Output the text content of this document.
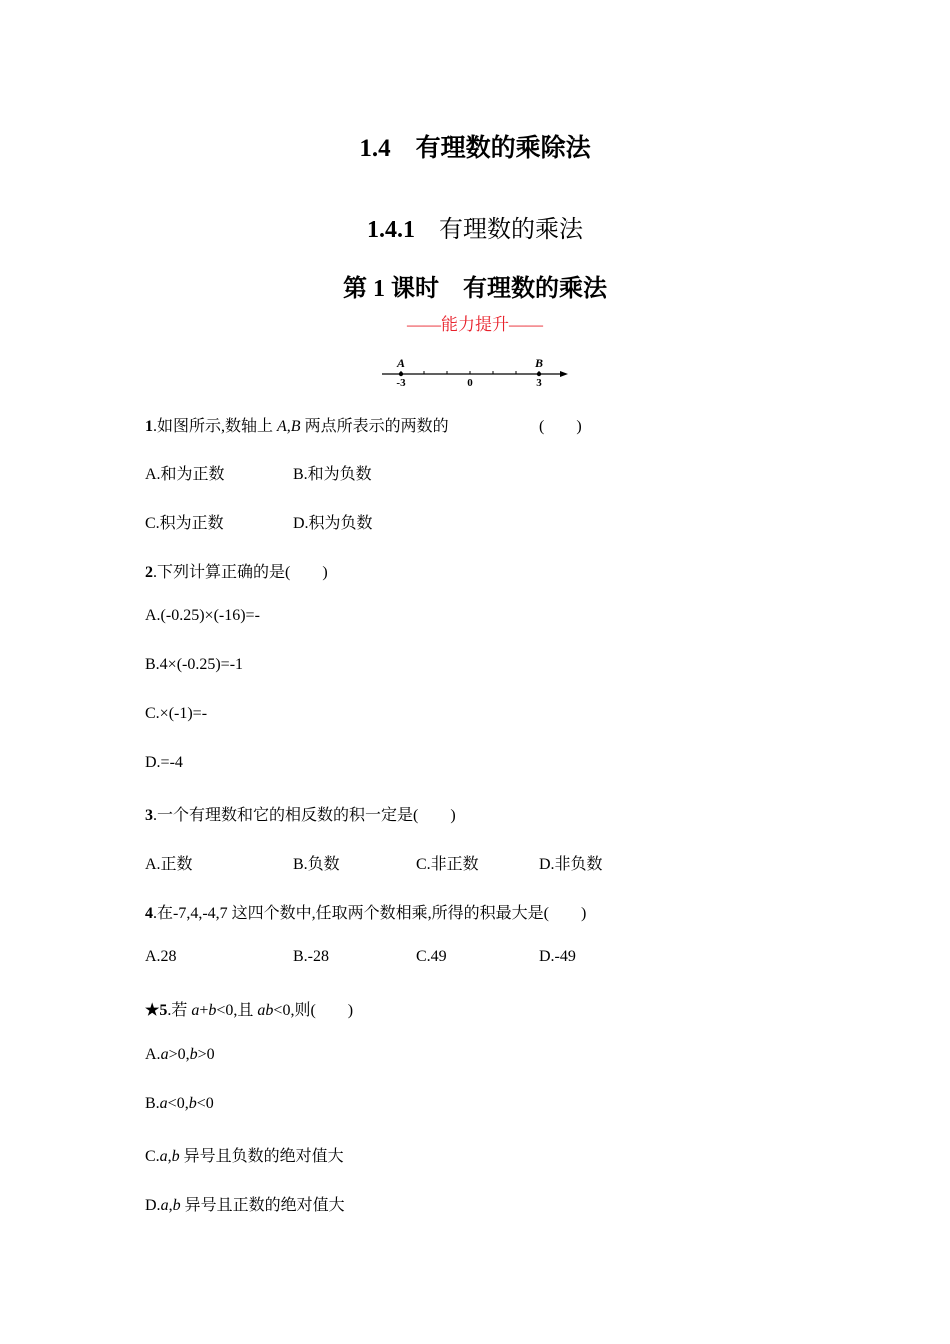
1.4　 有理数的乘除法
1.4.1　 有理数的乘法
第 1 课时　有理数的乘法
——能力提升——
A	B
-3	0	3
1.如图所示,数轴上 A,B 两点所表示的两数的	(　　)
A.和为正数	B.和为负数
C.积为正数	D.积为负数
2.下列计算正确的是(　　)
A.(-0.25)×(-16)=-
B.4×(-0.25)=-1
C.×(-1)=-
D.=-4
3.一个有理数和它的相反数的积一定是(　　)
A.正数	B.负数	C.非正数	D.非负数
4.在-7,4,-4,7 这四个数中,任取两个数相乘,所得的积最大是(　　)
A.28	B.-28	C.49	D.-49
★5.若 a+b<0,且 ab<0,则(　　)
A.a>0,b>0
B.a<0,b<0
C.a,b 异号且负数的绝对值大
D.a,b 异号且正数的绝对值大
